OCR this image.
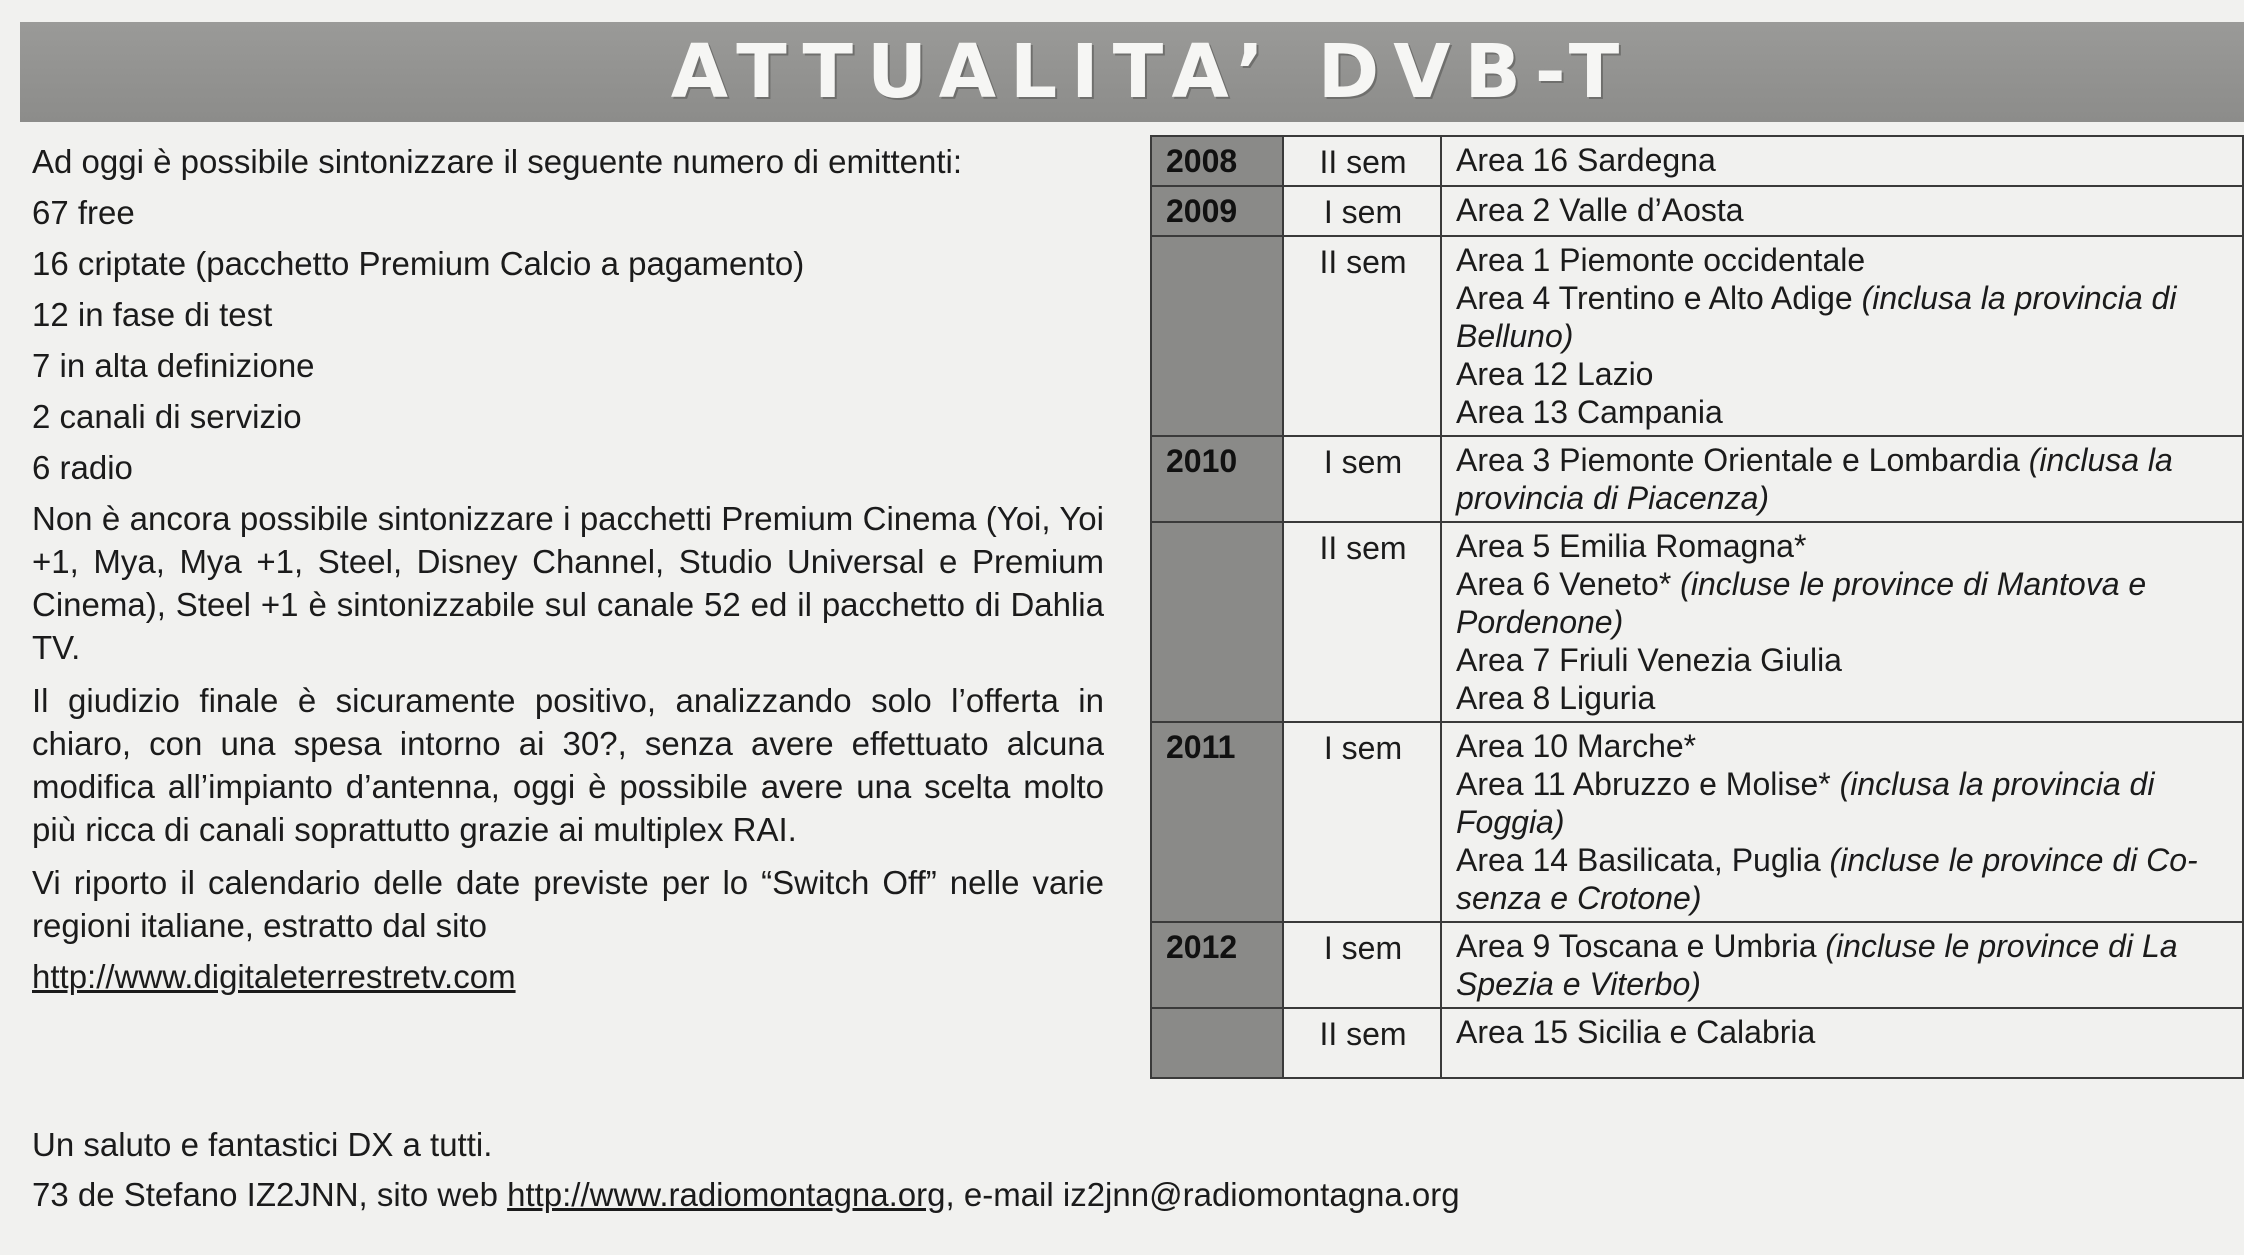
ATTUALITA’ DVB-T

Ad oggi è possibile sintonizzare il seguente numero di emittenti:

67 free

16 criptate (pacchetto Premium Calcio a pagamento)

12 in fase di test

7 in alta definizione

2 canali di servizio

6 radio

Non è ancora possibile sintonizzare i pacchetti Premium Cinema (Yoi, Yoi +1, Mya, Mya +1, Steel, Disney Channel, Studio Universal e Premium Cinema), Steel +1 è sintonizzabile sul canale 52 ed il pacchetto di Dahlia TV.

Il giudizio finale è sicuramente positivo, analizzando solo l’offerta in chiaro, con una spesa intorno ai 30?, senza avere effettuato alcuna modifica all’impianto d’antenna, oggi è possibile avere una scelta molto più ricca di canali soprattutto grazie ai multiplex RAI.

Vi riporto il calendario delle date previste per lo “Switch Off” nelle varie regioni italiane, estratto dal sito

http://www.digitaleterrestretv.com

2008	II sem	Area 16 Sardegna

2009	I sem	Area 2 Valle d’Aosta

	II sem	Area 1 Piemonte occidentale
Area 4 Trentino e Alto Adige (inclusa la provincia di Belluno)
Area 12 Lazio
Area 13 Campania

2010	I sem	Area 3 Piemonte Orientale e Lombardia (inclusa la provincia di Piacenza)

	II sem	Area 5 Emilia Romagna*
Area 6 Veneto* (incluse le province di Mantova e Pordenone)
Area 7 Friuli Venezia Giulia
Area 8 Liguria

2011	I sem	Area 10 Marche*
Area 11 Abruzzo e Molise* (inclusa la provincia di Foggia)
Area 14 Basilicata, Puglia (incluse le province di Co-senza e Crotone)

2012	I sem	Area 9 Toscana e Umbria (incluse le province di La Spezia e Viterbo)

	II sem	Area 15 Sicilia e Calabria

Un saluto e fantastici DX a tutti.

73 de Stefano IZ2JNN, sito web http://www.radiomontagna.org, e-mail iz2jnn@radiomontagna.org
